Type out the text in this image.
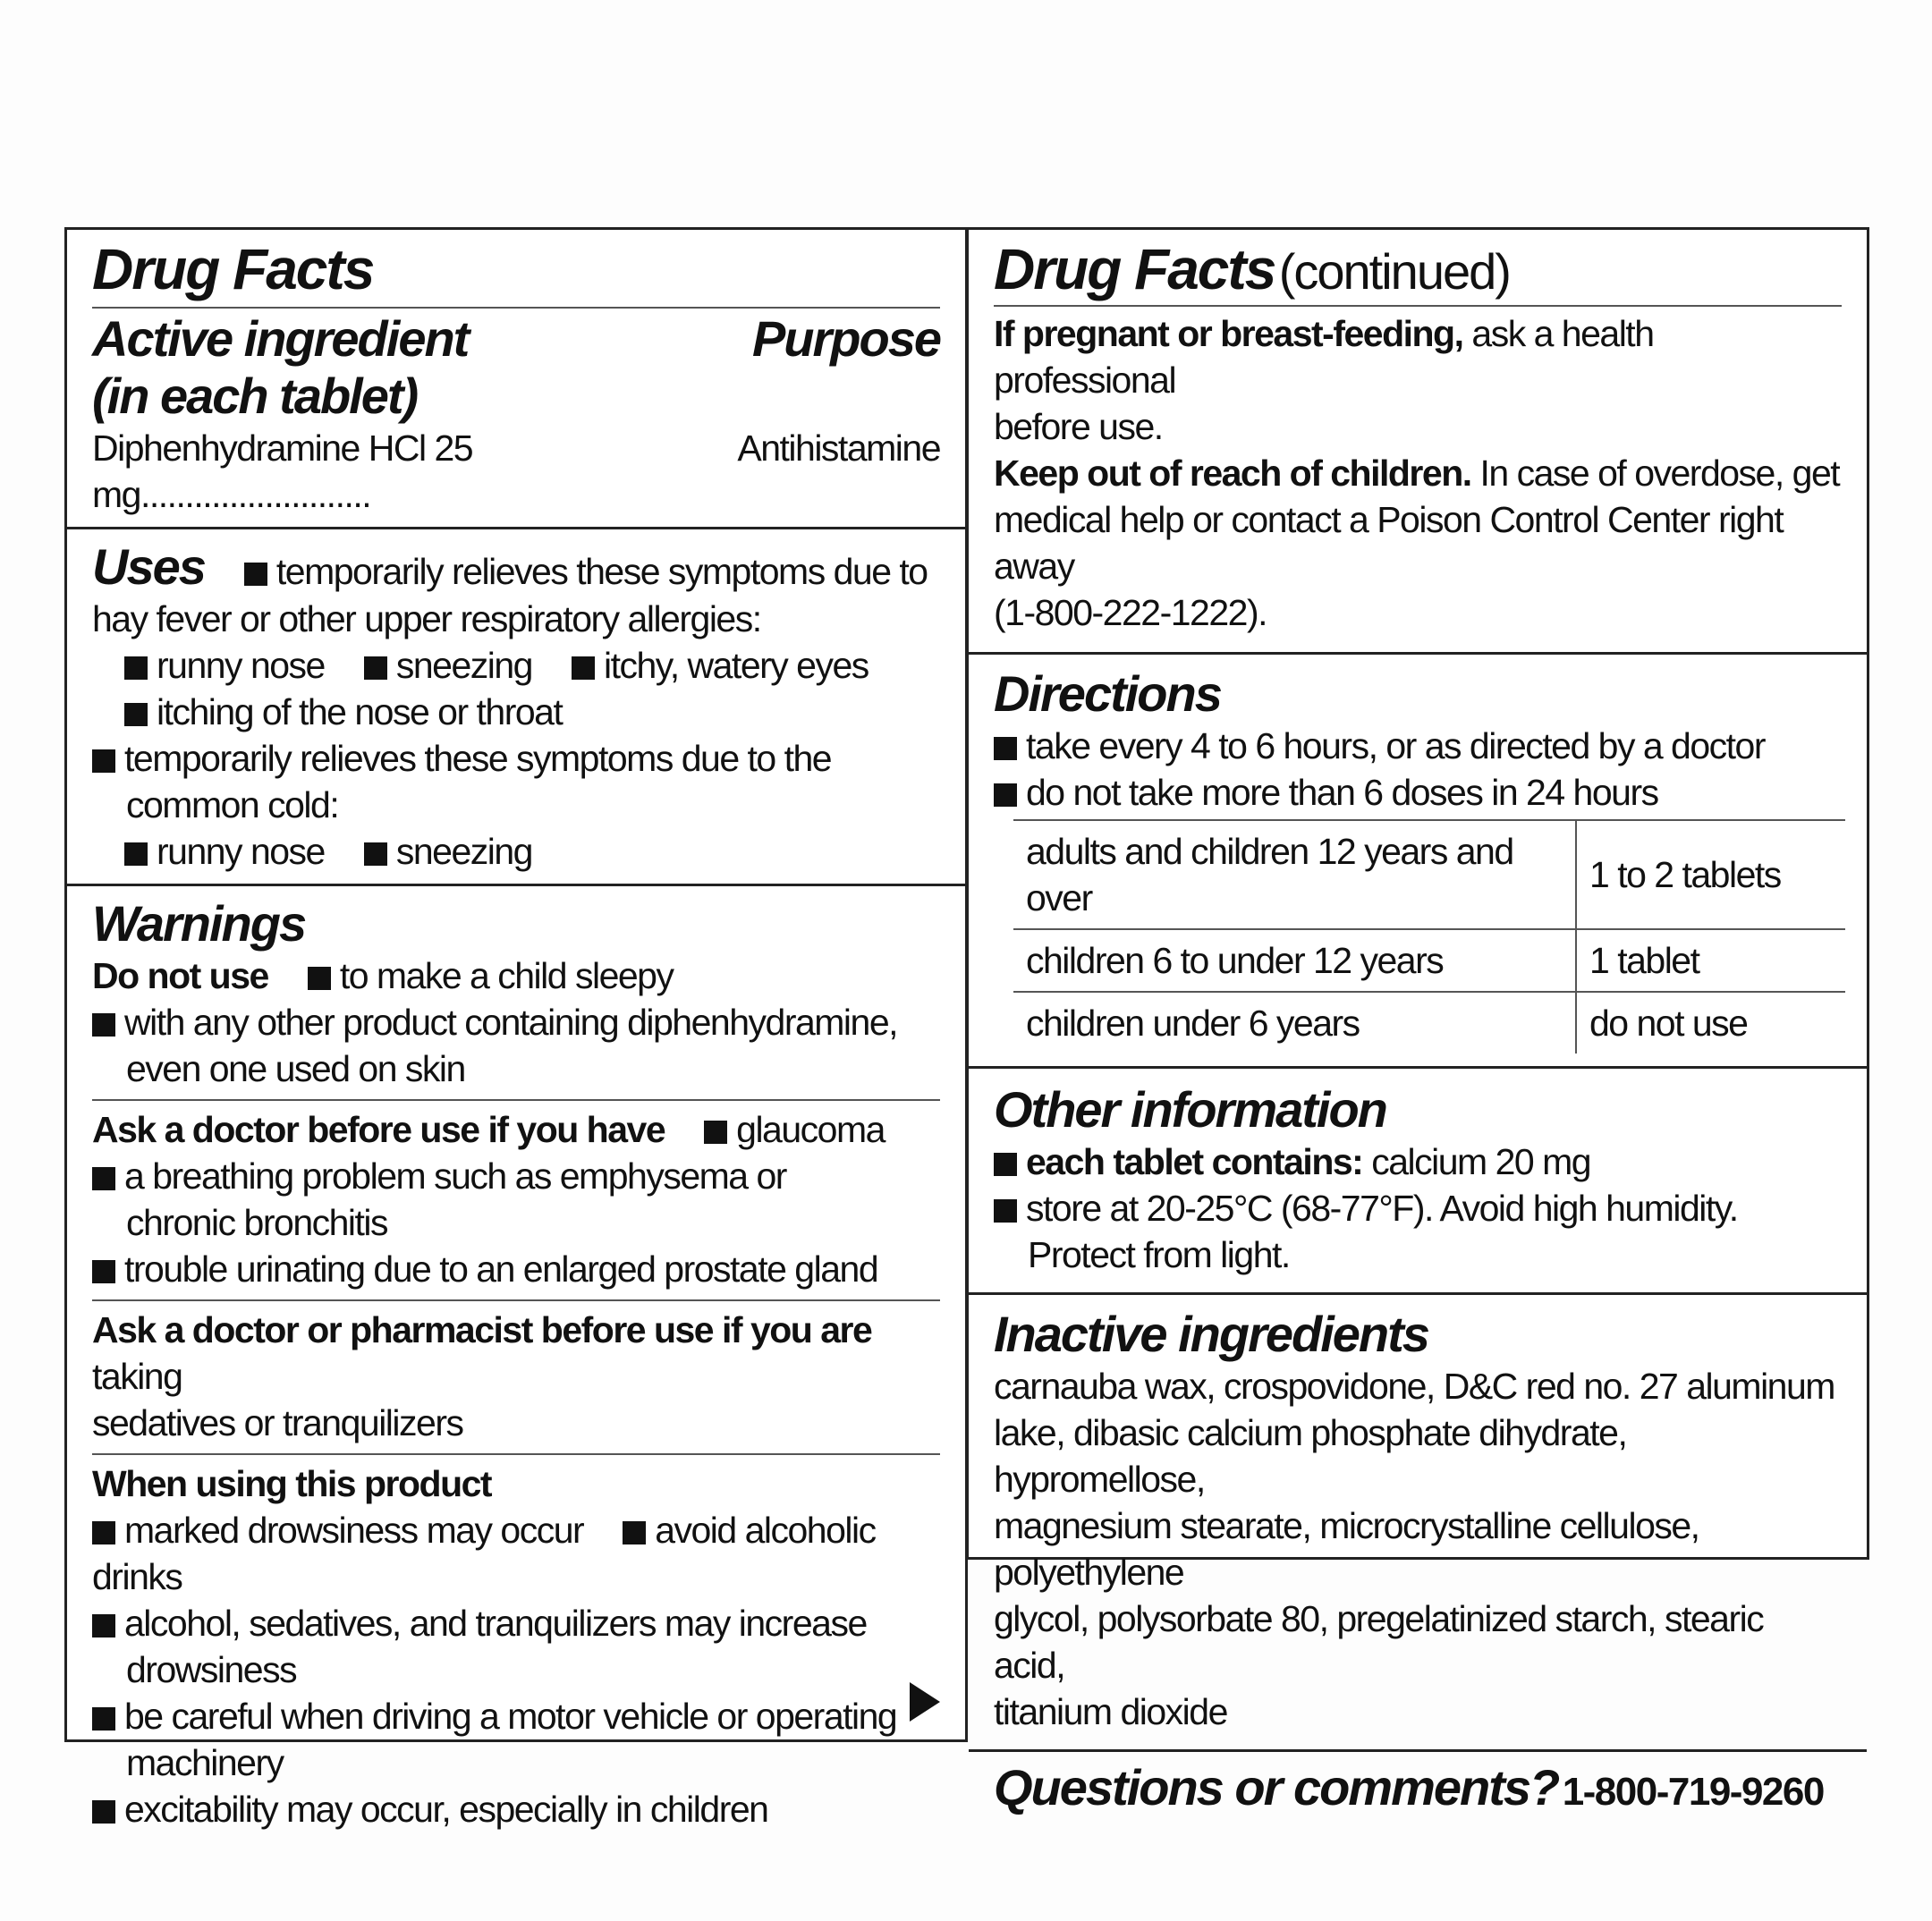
Drug Facts
Active ingredient
(in each tablet)
Purpose
Diphenhydramine HCl 25 mg..........................
Antihistamine
Uses temporarily relieves these symptoms due to
hay fever or other upper respiratory allergies:
runny nose sneezing itchy, watery eyes
itching of the nose or throat
temporarily relieves these symptoms due to the
common cold:
runny nose sneezing
Warnings
Do not use to make a child sleepy
with any other product containing diphenhydramine,
even one used on skin
Ask a doctor before use if you have glaucoma
a breathing problem such as emphysema or
chronic bronchitis
trouble urinating due to an enlarged prostate gland
Ask a doctor or pharmacist before use if you are taking
sedatives or tranquilizers
When using this product
marked drowsiness may occur avoid alcoholic drinks
alcohol, sedatives, and tranquilizers may increase
drowsiness
be careful when driving a motor vehicle or operating
machinery
excitability may occur, especially in children
Drug Facts (continued)
If pregnant or breast-feeding, ask a health professional
before use.
Keep out of reach of children. In case of overdose, get
medical help or contact a Poison Control Center right away
(1-800-222-1222).
Directions
take every 4 to 6 hours, or as directed by a doctor
do not take more than 6 doses in 24 hours
adults and children 12 years and over	1 to 2 tablets
children 6 to under 12 years	1 tablet
children under 6 years	do not use
Other information
each tablet contains: calcium 20 mg
store at 20-25°C (68-77°F). Avoid high humidity.
Protect from light.
Inactive ingredients
carnauba wax, crospovidone, D&C red no. 27 aluminum
lake, dibasic calcium phosphate dihydrate, hypromellose,
magnesium stearate, microcrystalline cellulose, polyethylene
glycol, polysorbate 80, pregelatinized starch, stearic acid,
titanium dioxide
Questions or comments? 1-800-719-9260
